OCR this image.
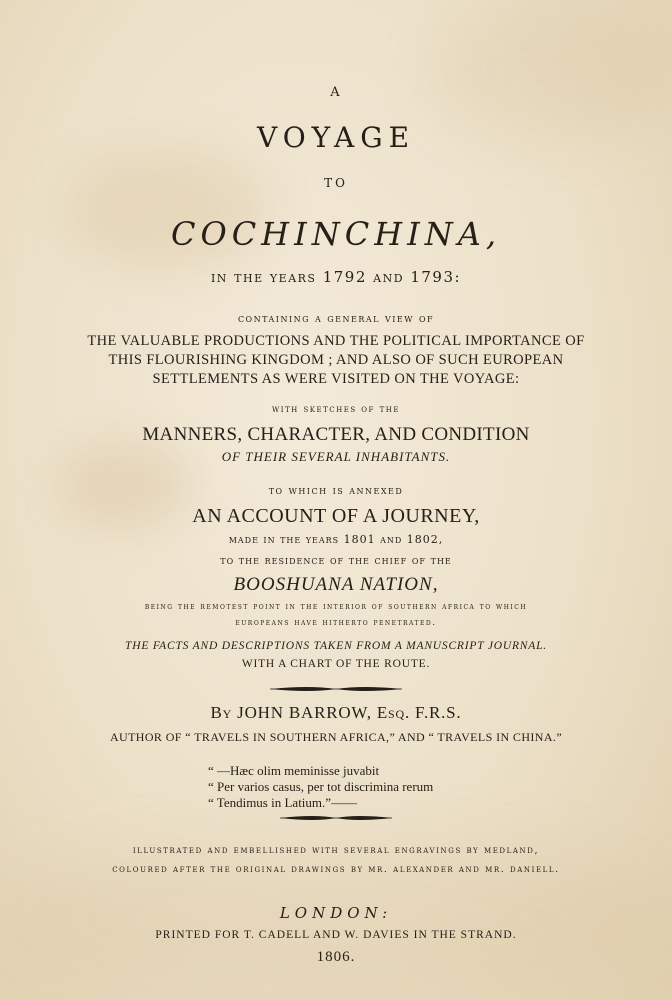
A
VOYAGE
TO
COCHINCHINA,
in the years 1792 and 1793:
containing a general view of
THE VALUABLE PRODUCTIONS AND THE POLITICAL IMPORTANCE OF
THIS FLOURISHING KINGDOM ; AND ALSO OF SUCH EUROPEAN
SETTLEMENTS AS WERE VISITED ON THE VOYAGE:
with sketches of the
MANNERS, CHARACTER, AND CONDITION
OF THEIR SEVERAL INHABITANTS.
to which is annexed
AN ACCOUNT OF A JOURNEY,
made in the years 1801 and 1802,
to the residence of the chief of the
BOOSHUANA NATION,
being the remotest point in the interior of southern africa to which
europeans have hitherto penetrated.
THE FACTS AND DESCRIPTIONS TAKEN FROM A MANUSCRIPT JOURNAL.
WITH A CHART OF THE ROUTE.
By JOHN BARROW, Esq. F.R.S.
AUTHOR OF “ TRAVELS IN SOUTHERN AFRICA,” AND “ TRAVELS IN CHINA.”
“ —Hæc olim meminisse juvabit
“ Per varios casus, per tot discrimina rerum
“ Tendimus in Latium.”——
illustrated and embellished with several engravings by medland,
coloured after the original drawings by mr. alexander and mr. daniell.
LONDON:
PRINTED FOR T. CADELL AND W. DAVIES IN THE STRAND.
1806.
